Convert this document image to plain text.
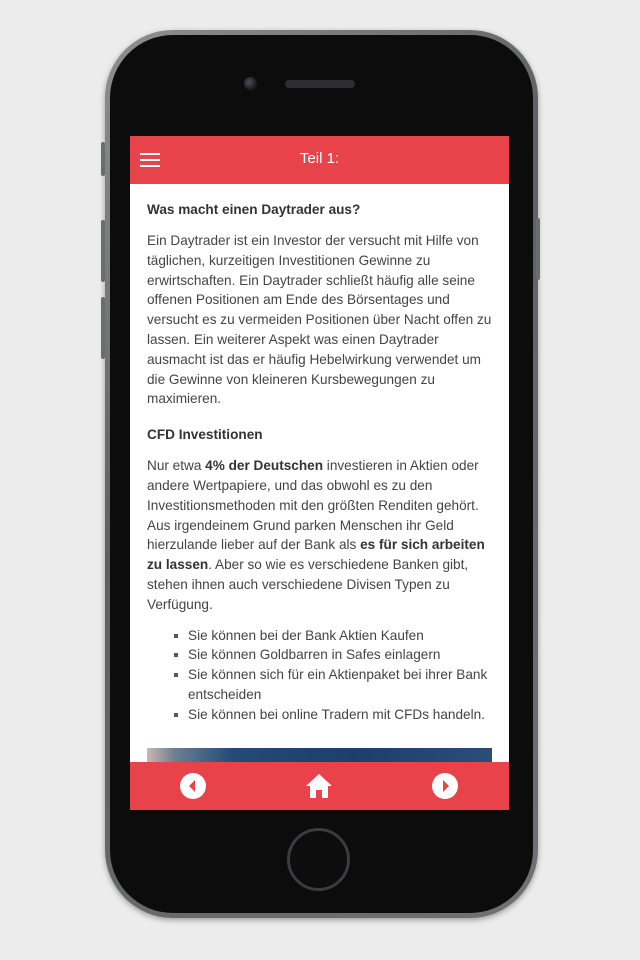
Teil 1:
Was macht einen Daytrader aus?

Ein Daytrader ist ein Investor der versucht mit Hilfe von täglichen, kurzeitigen Investitionen Gewinne zu erwirtschaften. Ein Daytrader schließt häufig alle seine offenen Positionen am Ende des Börsentages und versucht es zu vermeiden Positionen über Nacht offen zu lassen. Ein weiterer Aspekt was einen Daytrader ausmacht ist das er häufig Hebelwirkung verwendet um die Gewinne von kleineren Kursbewegungen zu maximieren.

CFD Investitionen

Nur etwa 4% der Deutschen investieren in Aktien oder andere Wertpapiere, und das obwohl es zu den Investitionsmethoden mit den größten Renditen gehört. Aus irgendeinem Grund parken Menschen ihr Geld hierzulande lieber auf der Bank als es für sich arbeiten zu lassen. Aber so wie es verschiedene Banken gibt, stehen ihnen auch verschiedene Divisen Typen zu Verfügung.

Sie können bei der Bank Aktien Kaufen
Sie können Goldbarren in Safes einlagern
Sie können sich für ein Aktienpaket bei ihrer Bank entscheiden
Sie können bei online Tradern mit CFDs handeln.
